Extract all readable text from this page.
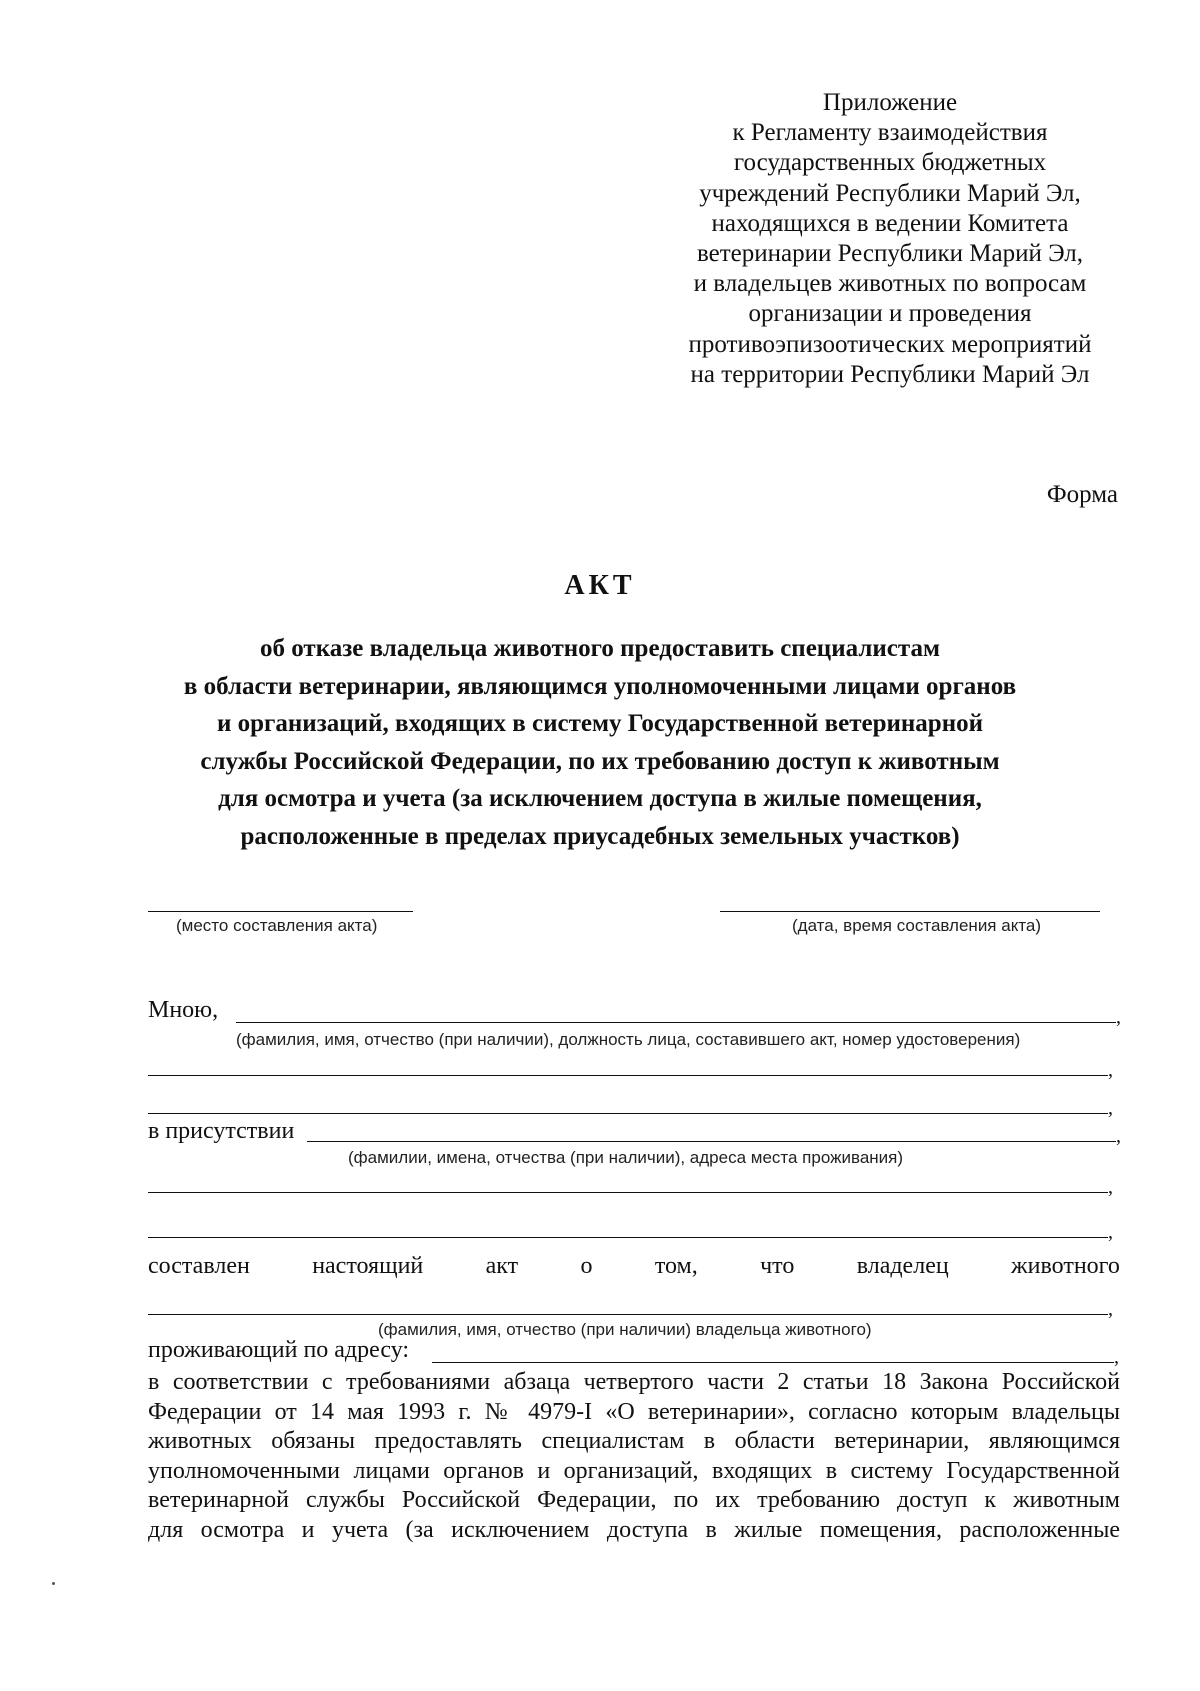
Приложение
к Регламенту взаимодействия
государственных бюджетных
учреждений Республики Марий Эл,
находящихся в ведении Комитета
ветеринарии Республики Марий Эл,
и владельцев животных по вопросам
организации и проведения
противоэпизоотических мероприятий
на территории Республики Марий Эл
Форма
АКТ
об отказе владельца животного предоставить специалистам
в области ветеринарии, являющимся уполномоченными лицами органов
и организаций, входящих в систему Государственной ветеринарной
службы Российской Федерации, по их требованию доступ к животным
для осмотра и учета (за исключением доступа в жилые помещения,
расположенные в пределах приусадебных земельных участков)
(место составления акта)	(дата, время составления акта)
Мною,	,
(фамилия, имя, отчество (при наличии), должность лица, составившего акт, номер удостоверения)
,
,
в присутствии	,
(фамилии, имена, отчества (при наличии), адреса места проживания)
,
,
составлен	настоящий	акт	о	том,	что	владелец	животного
,
(фамилия, имя, отчество (при наличии) владельца животного)
проживающий по адресу:	,
в соответствии с требованиями абзаца четвертого части 2 статьи 18 Закона Российской
Федерации от 14 мая 1993 г. № 4979-I «О ветеринарии», согласно которым владельцы
животных обязаны предоставлять специалистам в области ветеринарии, являющимся
уполномоченными лицами органов и организаций, входящих в систему Государственной
ветеринарной службы Российской Федерации, по их требованию доступ к животным
для осмотра и учета (за исключением доступа в жилые помещения, расположенные
